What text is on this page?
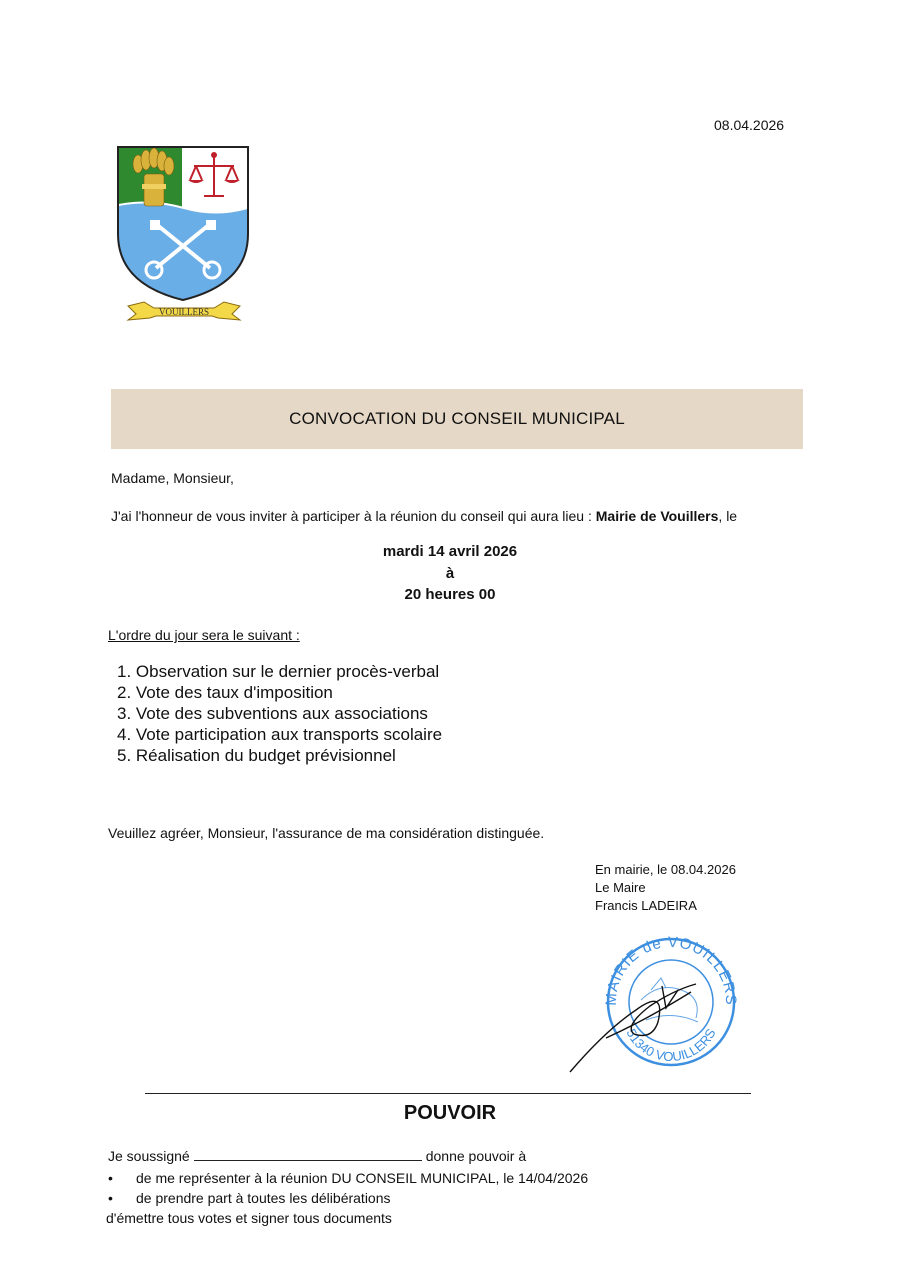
08.04.2026
VOUILLERS
CONVOCATION DU CONSEIL MUNICIPAL
Madame, Monsieur,
J'ai l'honneur de vous inviter à participer à la réunion du conseil qui aura lieu : Mairie de Vouillers, le
mardi 14 avril 2026
à
20 heures 00
L'ordre du jour sera le suivant :
1. Observation sur le dernier procès-verbal
2. Vote des taux d'imposition
3. Vote des subventions aux associations
4. Vote participation aux transports scolaire
5. Réalisation du budget prévisionnel
Veuillez agréer, Monsieur, l'assurance de ma considération distinguée.
En mairie, le 08.04.2026
Le Maire
Francis LADEIRA
MAIRIE de VOUILLERS
51340 VOUILLERS
POUVOIR
Je soussigné	donne pouvoir à
•	de me représenter à la réunion DU CONSEIL MUNICIPAL, le 14/04/2026
•	de prendre part à toutes les délibérations
d'émettre tous votes et signer tous documents
